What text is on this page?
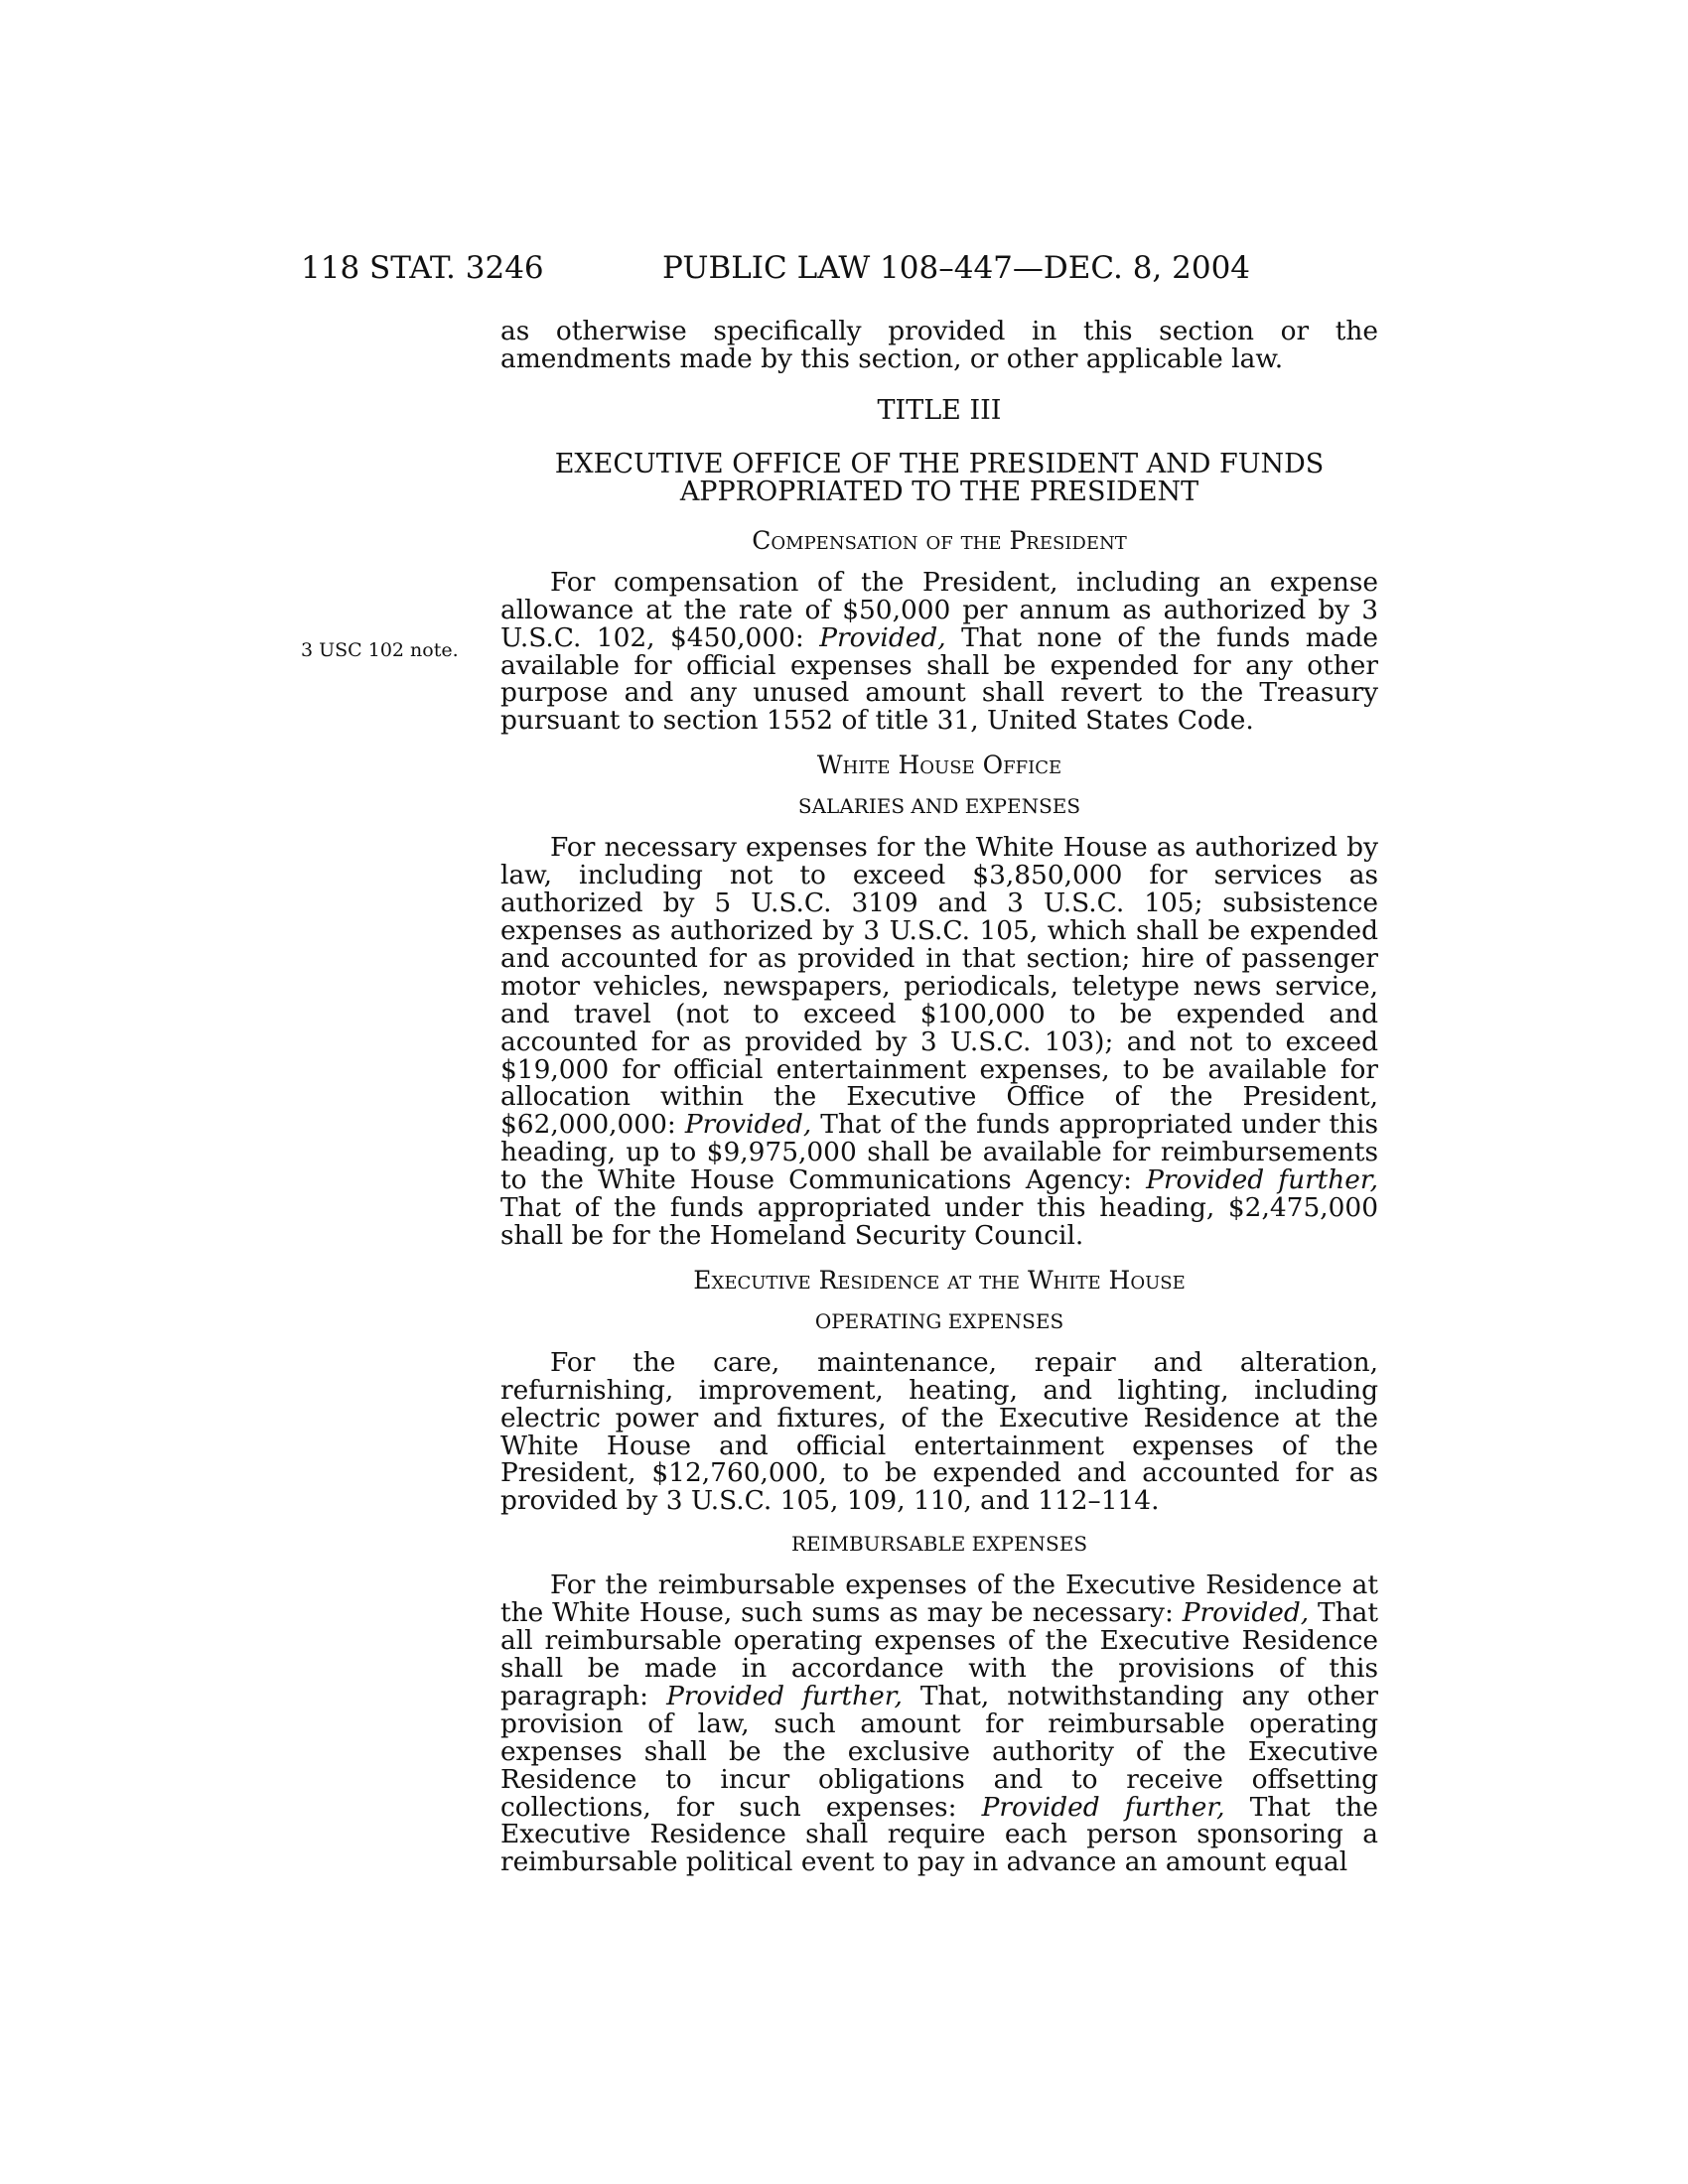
118 STAT. 3246	PUBLIC LAW 108–447—DEC. 8, 2004
3 USC 102 note.

as otherwise specifically provided in this section or the amendments made by this section, or other applicable law.

TITLE III
EXECUTIVE OFFICE OF THE PRESIDENT AND FUNDS
APPROPRIATED TO THE PRESIDENT
Compensation of the President

For compensation of the President, including an expense allowance at the rate of $50,000 per annum as authorized by 3 U.S.C. 102, $450,000: Provided, That none of the funds made available for official expenses shall be expended for any other purpose and any unused amount shall revert to the Treasury pursuant to section 1552 of title 31, United States Code.

White House Office
SALARIES AND EXPENSES

For necessary expenses for the White House as authorized by law, including not to exceed $3,850,000 for services as authorized by 5 U.S.C. 3109 and 3 U.S.C. 105; subsistence expenses as authorized by 3 U.S.C. 105, which shall be expended and accounted for as provided in that section; hire of passenger motor vehicles, newspapers, periodicals, teletype news service, and travel (not to exceed $100,000 to be expended and accounted for as provided by 3 U.S.C. 103); and not to exceed $19,000 for official entertainment expenses, to be available for allocation within the Executive Office of the President, $62,000,000: Provided, That of the funds appropriated under this heading, up to $9,975,000 shall be available for reimbursements to the White House Communications Agency: Provided further, That of the funds appropriated under this heading, $2,475,000 shall be for the Homeland Security Council.

Executive Residence at the White House
OPERATING EXPENSES

For the care, maintenance, repair and alteration, refurnishing, improvement, heating, and lighting, including electric power and fixtures, of the Executive Residence at the White House and official entertainment expenses of the President, $12,760,000, to be expended and accounted for as provided by 3 U.S.C. 105, 109, 110, and 112–114.

REIMBURSABLE EXPENSES

For the reimbursable expenses of the Executive Residence at the White House, such sums as may be necessary: Provided, That all reimbursable operating expenses of the Executive Residence shall be made in accordance with the provisions of this paragraph: Provided further, That, notwithstanding any other provision of law, such amount for reimbursable operating expenses shall be the exclusive authority of the Executive Residence to incur obligations and to receive offsetting collections, for such expenses: Provided further, That the Executive Residence shall require each person sponsoring a reimbursable political event to pay in advance an amount equal
